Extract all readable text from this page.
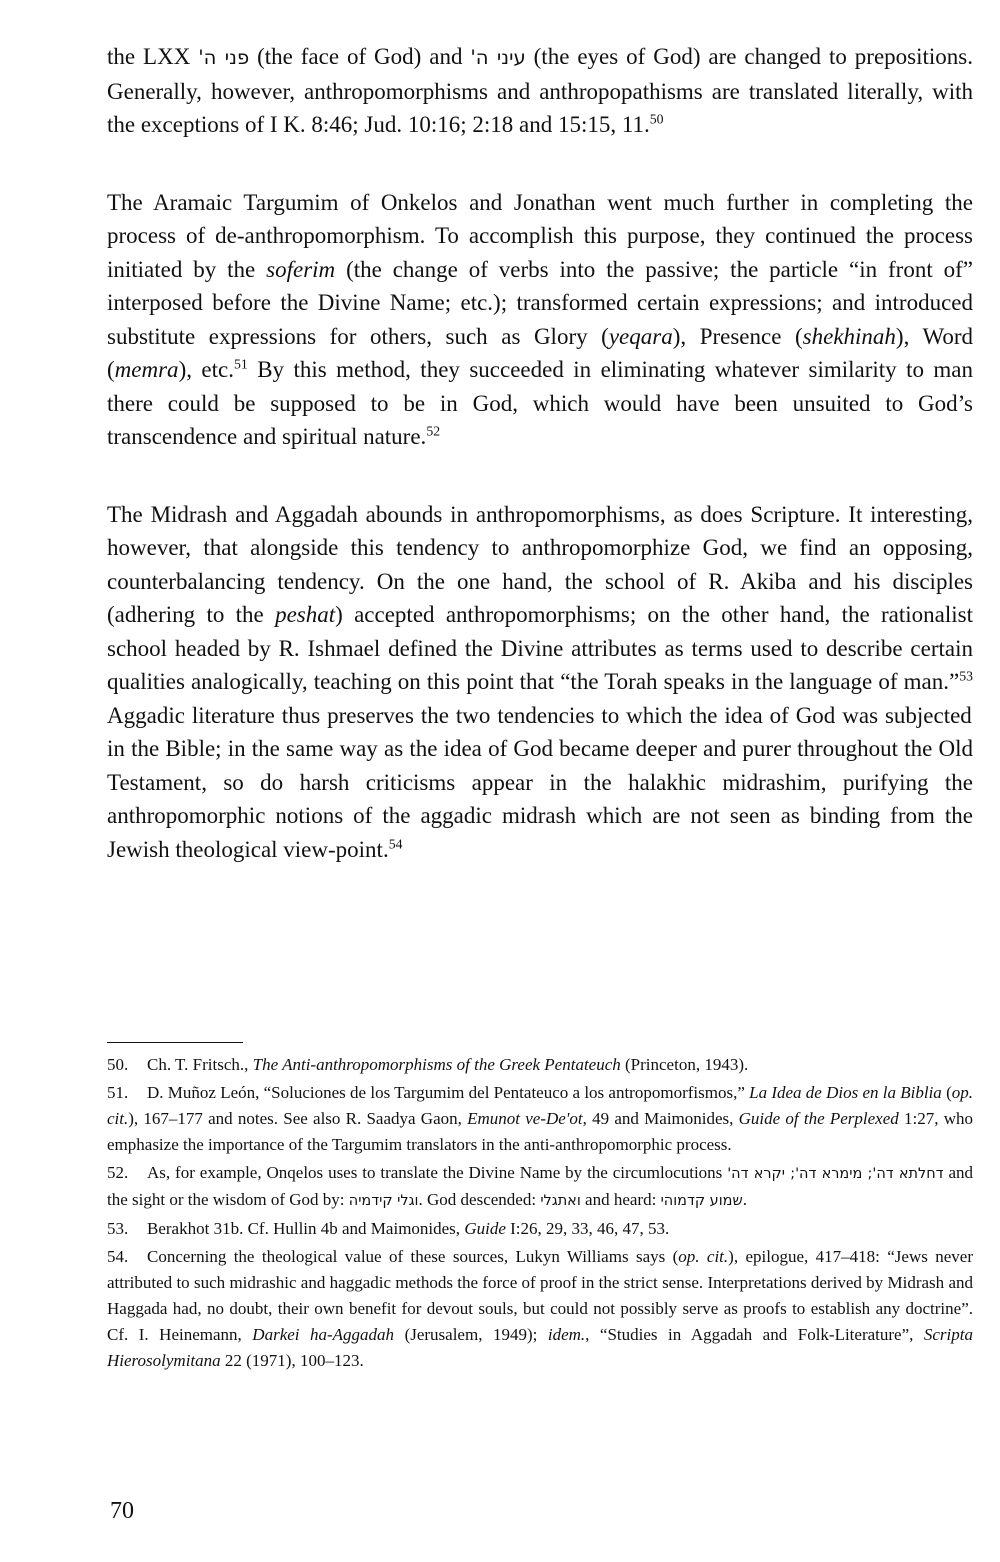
the LXX פני ה' (the face of God) and עיני ה' (the eyes of God) are changed to prepositions. Generally, however, anthropomorphisms and anthropopathisms are translated literally, with the exceptions of I K. 8:46; Jud. 10:16; 2:18 and 15:15, 11.50

The Aramaic Targumim of Onkelos and Jonathan went much further in completing the process of de-anthropomorphism. To accomplish this purpose, they continued the process initiated by the soferim (the change of verbs into the passive; the particle “in front of” interposed before the Divine Name; etc.); transformed certain expressions; and introduced substitute expressions for others, such as Glory (yeqara), Presence (shekhinah), Word (memra), etc.$^{51}$ By this method, they succeeded in eliminating whatever similarity to man there could be supposed to be in God, which would have been unsuited to God’s transcendence and spiritual nature.$^{52}$

The Midrash and Aggadah abounds in anthropomorphisms, as does Scripture. It interesting, however, that alongside this tendency to anthropomorphize God, we find an opposing, counterbalancing tendency. On the one hand, the school of R. Akiba and his disciples (adhering to the peshat) accepted anthropomorphisms; on the other hand, the rationalist school headed by R. Ishmael defined the Divine attributes as terms used to describe certain qualities analogically, teaching on this point that “the Torah speaks in the language of man.”$^{53}$ Aggadic literature thus preserves the two tendencies to which the idea of God was subjected in the Bible; in the same way as the idea of God became deeper and purer throughout the Old Testament, so do harsh criticisms appear in the halakhic midrashim, purifying the anthropomorphic notions of the aggadic midrash which are not seen as binding from the Jewish theological view-point.$^{54}$

50. Ch. T. Fritsch., The Anti-anthropomorphisms of the Greek Pentateuch (Princeton, 1943).

51. D. Muñoz León, “Soluciones de los Targumim del Pentateuco a los antropomorfismos,” La Idea de Dios en la Biblia (op. cit.), 167–177 and notes. See also R. Saadya Gaon, Emunot ve-De'ot, 49 and Maimonides, Guide of the Perplexed 1:27, who emphasize the importance of the Targumim translators in the anti-anthropomorphic process.

52. As, for example, Onqelos uses to translate the Divine Name by the circumlocutions דחלתא דה'; מימרא דה'; יקרא דה' and the sight or the wisdom of God by: וגלי קידמיה. God descended: ואתגלי and heard: שמוע קדמוהי.

53. Berakhot 31b. Cf. Hullin 4b and Maimonides, Guide I:26, 29, 33, 46, 47, 53.

54. Concerning the theological value of these sources, Lukyn Williams says (op. cit.), epilogue, 417–418: “Jews never attributed to such midrashic and haggadic methods the force of proof in the strict sense. Interpretations derived by Midrash and Haggada had, no doubt, their own benefit for devout souls, but could not possibly serve as proofs to establish any doctrine”. Cf. I. Heinemann, Darkei ha-Aggadah (Jerusalem, 1949); idem., “Studies in Aggadah and Folk-Literature”, Scripta Hierosolymitana 22 (1971), 100–123.

70
